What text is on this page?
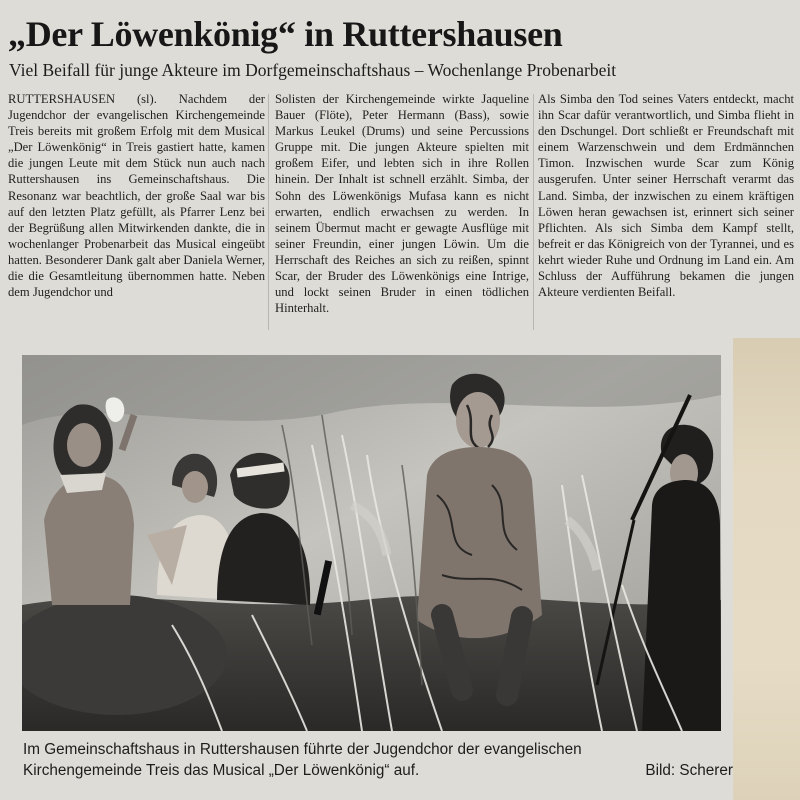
„Der Löwenkönig“ in Ruttershausen
Viel Beifall für junge Akteure im Dorfgemeinschaftshaus – Wochenlange Probenarbeit

RUTTERSHAUSEN (sl). Nachdem der Jugendchor der evangelischen Kirchengemeinde Treis bereits mit großem Erfolg mit dem Musical „Der Löwenkönig“ in Treis gastiert hatte, kamen die jungen Leute mit dem Stück nun auch nach Ruttershausen ins Gemeinschaftshaus. Die Resonanz war beachtlich, der große Saal war bis auf den letzten Platz gefüllt, als Pfarrer Lenz bei der Begrüßung allen Mitwirkenden dankte, die in wochenlanger Probenarbeit das Musical eingeübt hatten. Besonderer Dank galt aber Daniela Werner, die die Gesamtleitung übernommen hatte. Neben dem Jugendchor und

Solisten der Kirchengemeinde wirkte Jaqueline Bauer (Flöte), Peter Hermann (Bass), sowie Markus Leukel (Drums) und seine Percussions Gruppe mit. Die jungen Akteure spielten mit großem Eifer, und lebten sich in ihre Rollen hinein. Der Inhalt ist schnell erzählt. Simba, der Sohn des Löwenkönigs Mufasa kann es nicht erwarten, endlich erwachsen zu werden. In seinem Übermut macht er gewagte Ausflüge mit seiner Freundin, einer jungen Löwin. Um die Herrschaft des Reiches an sich zu reißen, spinnt Scar, der Bruder des Löwenkönigs eine Intrige, und lockt seinen Bruder in einen tödlichen Hinterhalt.

Als Simba den Tod seines Vaters entdeckt, macht ihn Scar dafür verantwortlich, und Simba flieht in den Dschungel. Dort schließt er Freundschaft mit einem Warzenschwein und dem Erdmännchen Timon. Inzwischen wurde Scar zum König ausgerufen. Unter seiner Herrschaft verarmt das Land. Simba, der inzwischen zu einem kräftigen Löwen heran gewachsen ist, erinnert sich seiner Pflichten. Als sich Simba dem Kampf stellt, befreit er das Königreich von der Tyrannei, und es kehrt wieder Ruhe und Ordnung im Land ein. Am Schluss der Aufführung bekamen die jungen Akteure verdienten Beifall.

Im Gemeinschaftshaus in Ruttershausen führte der Jugendchor der evangelischen
Kirchengemeinde Treis das Musical „Der Löwenkönig“ auf.	Bild: Scherer
